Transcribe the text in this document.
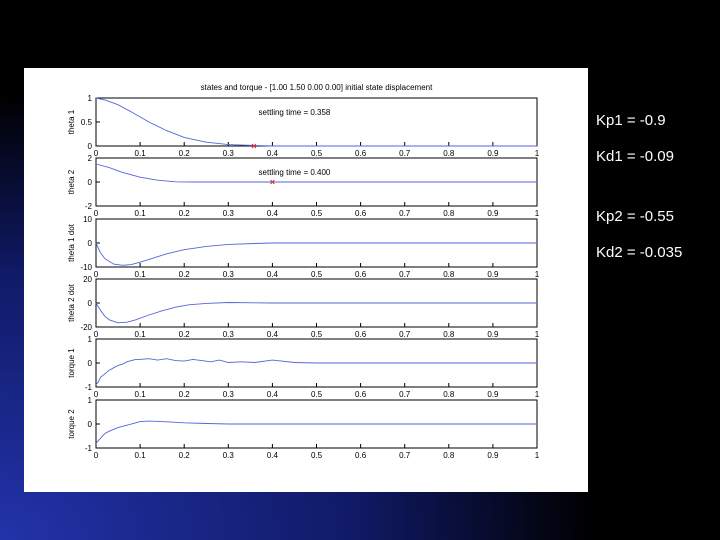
0
0.5
1
0	0.1	0.2	0.3	0.4	0.5	0.6	0.7	0.8	0.9	1
theta 1
states and torque - [1.00 1.50 0.00 0.00] initial state displacement
settling time = 0.358
-2
0
2
0	0.1	0.2	0.3	0.4	0.5	0.6	0.7	0.8	0.9	1
theta 2	settling time = 0.400
-10
0
10
0	0.1	0.2	0.3	0.4	0.5	0.6	0.7	0.8	0.9	1
theta 1 dot
-20
0
20
0	0.1	0.2	0.3	0.4	0.5	0.6	0.7	0.8	0.9	1
theta 2 dot
-1
0
1
0	0.1	0.2	0.3	0.4	0.5	0.6	0.7	0.8	0.9	1
torque 1
-1
0
1
0	0.1	0.2	0.3	0.4	0.5	0.6	0.7	0.8	0.9	1
torque 2
Kp1 = -0.9
Kd1 = -0.09
Kp2 = -0.55
Kd2 = -0.035
